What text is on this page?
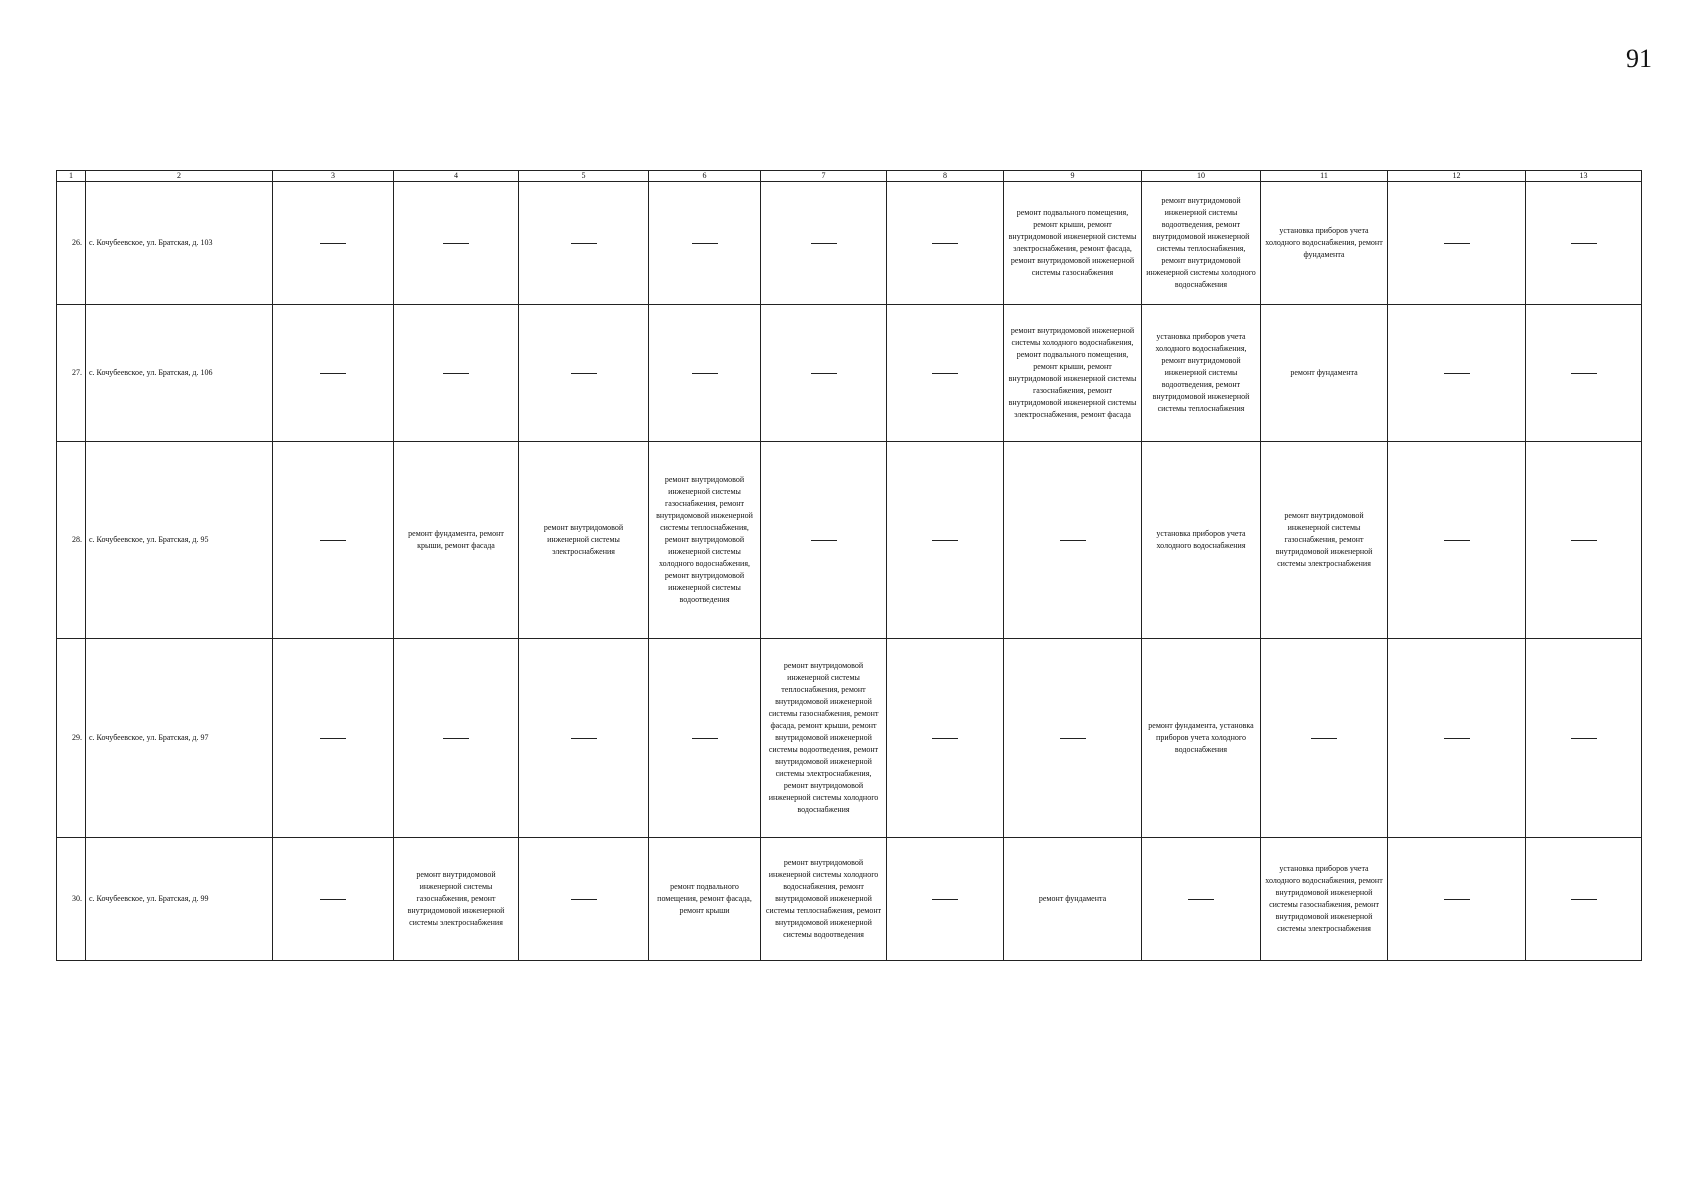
91
1	2	3	4	5	6	7	8	9	10	11	12	13
26.	с. Кочубеевское, ул. Братская, д. 103							ремонт подвального помещения, ремонт крыши, ремонт внутридомовой инженерной системы электроснабжения, ремонт фасада, ремонт внутридомовой инженерной системы газоснабжения	ремонт внутридомовой инженерной системы водоотведения, ремонт внутридомовой инженерной системы теплоснабжения, ремонт внутридомовой инженерной системы холодного водоснабжения	установка приборов учета холодного водоснабжения, ремонт фундамента		
27.	с. Кочубеевское, ул. Братская, д. 106							ремонт внутридомовой инженерной системы холодного водоснабжения, ремонт подвального помещения, ремонт крыши, ремонт внутридомовой инженерной системы газоснабжения, ремонт внутридомовой инженерной системы электроснабжения, ремонт фасада	установка приборов учета холодного водоснабжения, ремонт внутридомовой инженерной системы водоотведения, ремонт внутридомовой инженерной системы теплоснабжения	ремонт фундамента		
28.	с. Кочубеевское, ул. Братская, д. 95		ремонт фундамента, ремонт крыши, ремонт фасада	ремонт внутридомовой инженерной системы электроснабжения	ремонт внутридомовой инженерной системы газоснабжения, ремонт внутридомовой инженерной системы теплоснабжения, ремонт внутридомовой инженерной системы холодного водоснабжения, ремонт внутридомовой инженерной системы водоотведения				установка приборов учета холодного водоснабжения	ремонт внутридомовой инженерной системы газоснабжения, ремонт внутридомовой инженерной системы электроснабжения		
29.	с. Кочубеевское, ул. Братская, д. 97					ремонт внутридомовой инженерной системы теплоснабжения, ремонт внутридомовой инженерной системы газоснабжения, ремонт фасада, ремонт крыши, ремонт внутридомовой инженерной системы водоотведения, ремонт внутридомовой инженерной системы электроснабжения, ремонт внутридомовой инженерной системы холодного водоснабжения			ремонт фундамента, установка приборов учета холодного водоснабжения			
30.	с. Кочубеевское, ул. Братская, д. 99		ремонт внутридомовой инженерной системы газоснабжения, ремонт внутридомовой инженерной системы электроснабжения		ремонт подвального помещения, ремонт фасада, ремонт крыши	ремонт внутридомовой инженерной системы холодного водоснабжения, ремонт внутридомовой инженерной системы теплоснабжения, ремонт внутридомовой инженерной системы водоотведения		ремонт фундамента		установка приборов учета холодного водоснабжения, ремонт внутридомовой инженерной системы газоснабжения, ремонт внутридомовой инженерной системы электроснабжения		
